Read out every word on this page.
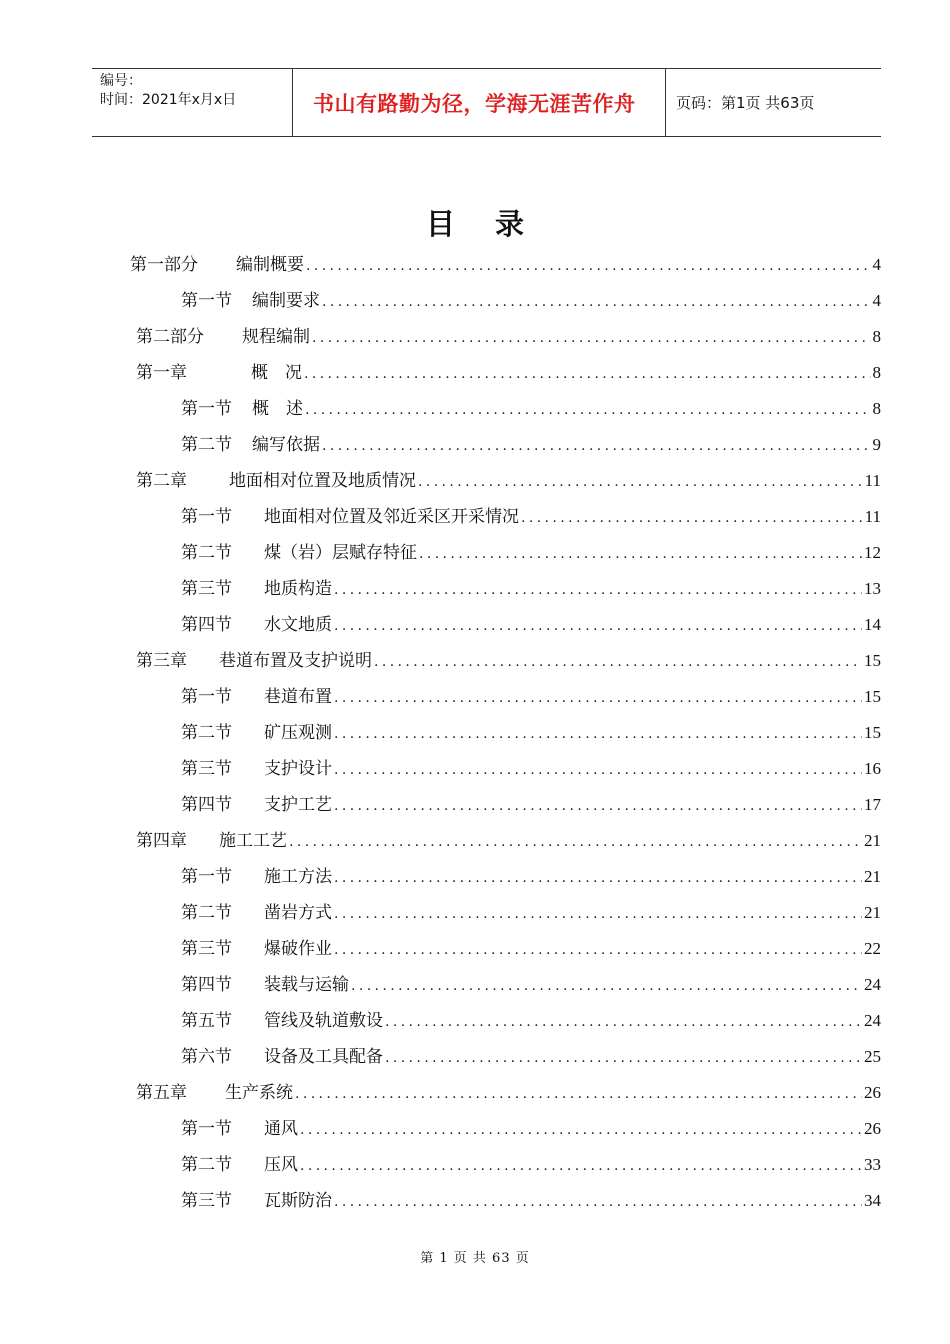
编号：
时间：2021年x月x日	书山有路勤为径，学海无涯苦作舟	页码：第1页 共63页
目 录
第一部分 编制概要 .....	4
第一节 编制要求 .....	4
第二部分 规程编制 .....	8
第一章	概　况 .....	8
第一节 概　述 .....	8
第二节 编写依据 .....	9
第二章 地面相对位置及地质情况 .....	11
第一节 地面相对位置及邻近采区开采情况 .....	11
第二节 煤（岩）层赋存特征 .....	12
第三节 地质构造 .....	13
第四节 水文地质 .....	14
第三章 巷道布置及支护说明 .....	15
第一节 巷道布置 .....	15
第二节 矿压观测 .....	15
第三节 支护设计 .....	16
第四节 支护工艺 .....	17
第四章 施工工艺 .....	21
第一节 施工方法 .....	21
第二节 凿岩方式 .....	21
第三节 爆破作业 .....	22
第四节 装载与运输 .....	24
第五节 管线及轨道敷设 .....	24
第六节 设备及工具配备 .....	25
第五章 生产系统 .....	26
第一节 通风 .....	26
第二节 压风 .....	33
第三节 瓦斯防治 .....	34
第 1 页 共 63 页
